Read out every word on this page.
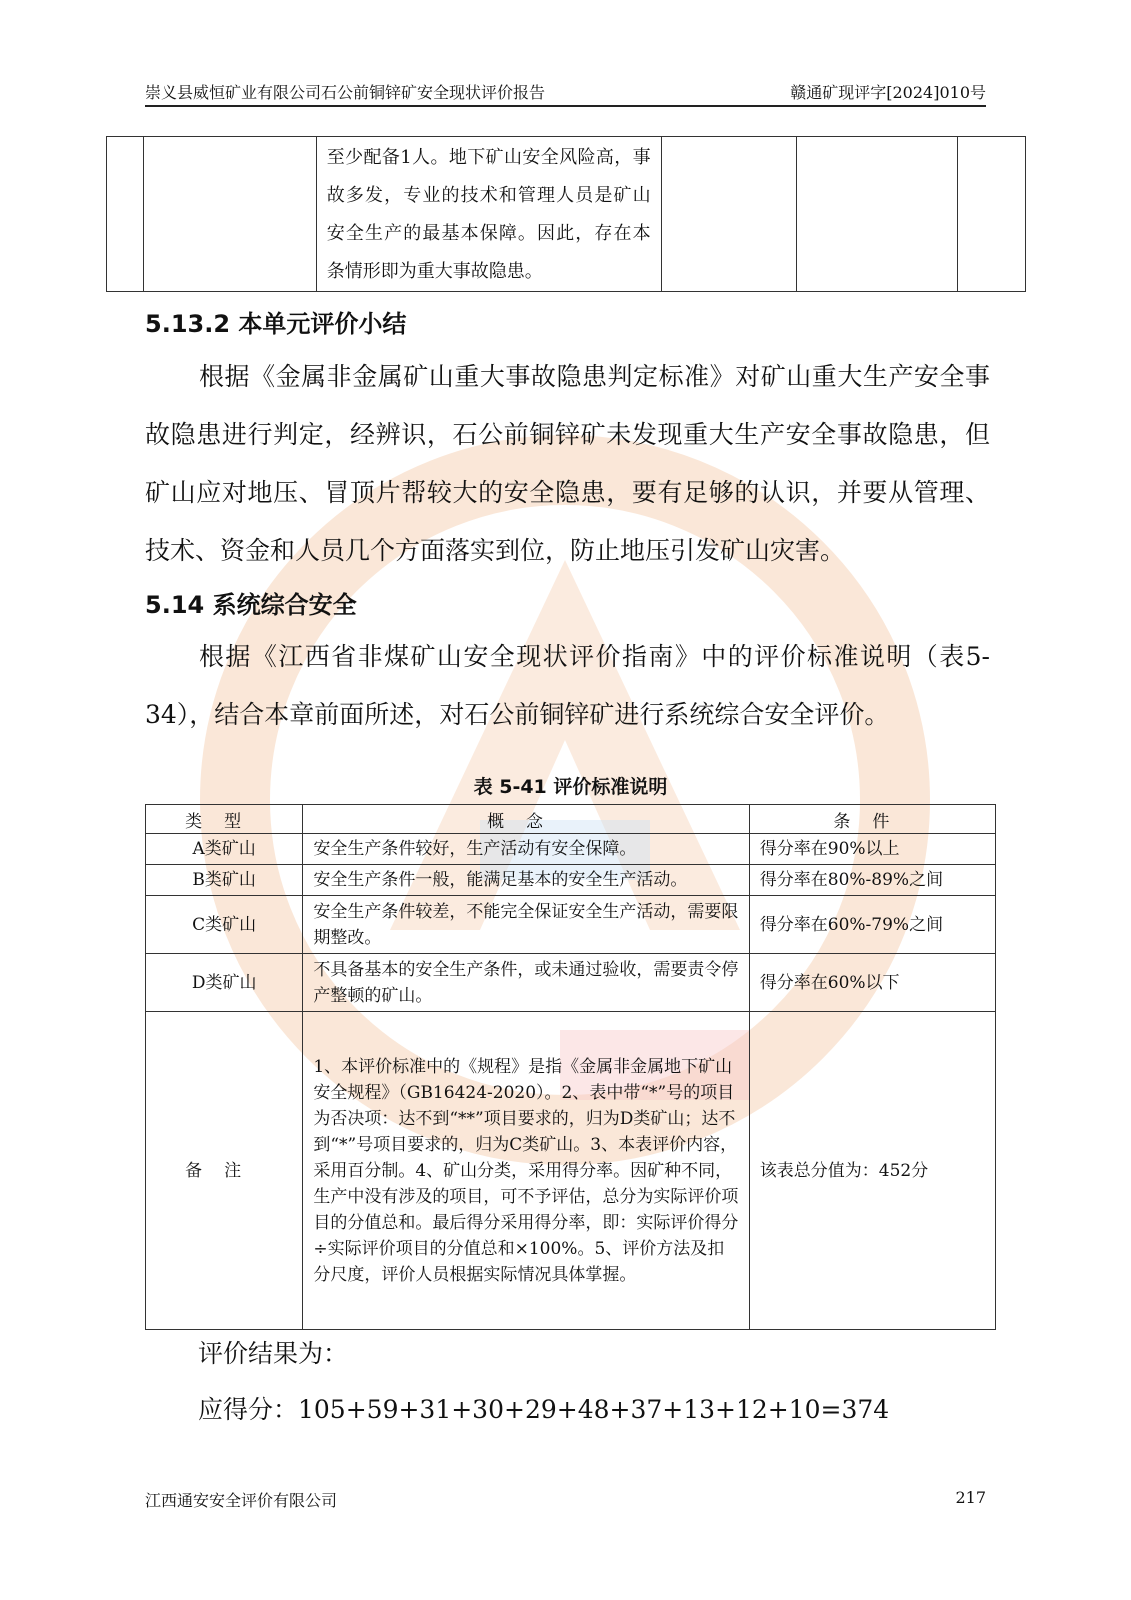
崇义县威恒矿业有限公司石公前铜锌矿安全现状评价报告	赣通矿现评字[2024]010号

至少配备1人。地下矿山安全风险高，事故多发，专业的技术和管理人员是矿山安全生产的最基本保障。因此，存在本条情形即为重大事故隐患。

5.13.2 本单元评价小结
根据《金属非金属矿山重大事故隐患判定标准》对矿山重大生产安全事故隐患进行判定，经辨识，石公前铜锌矿未发现重大生产安全事故隐患，但矿山应对地压、冒顶片帮较大的安全隐患，要有足够的认识，并要从管理、技术、资金和人员几个方面落实到位，防止地压引发矿山灾害。
5.14 系统综合安全
根据《江西省非煤矿山安全现状评价指南》中的评价标准说明（表5-34），结合本章前面所述，对石公前铜锌矿进行系统综合安全评价。
表 5-41 评价标准说明
类型	概念	条件
A类矿山	安全生产条件较好，生产活动有安全保障。	得分率在90%以上
B类矿山	安全生产条件一般，能满足基本的安全生产活动。	得分率在80%-89%之间
C类矿山	安全生产条件较差，不能完全保证安全生产活动，需要限期整改。	得分率在60%-79%之间
D类矿山	不具备基本的安全生产条件，或未通过验收，需要责令停产整顿的矿山。	得分率在60%以下
备注	1、本评价标准中的《规程》是指《金属非金属地下矿山安全规程》（GB16424-2020）。2、表中带“*”号的项目为否决项：达不到“**”项目要求的，归为D类矿山；达不到“*”号项目要求的，归为C类矿山。3、本表评价内容，采用百分制。4、矿山分类，采用得分率。因矿种不同，生产中没有涉及的项目，可不予评估，总分为实际评价项目的分值总和。最后得分采用得分率，即：实际评价得分÷实际评价项目的分值总和×100%。5、评价方法及扣分尺度，评价人员根据实际情况具体掌握。	该表总分值为：452分
评价结果为：
应得分：105+59+31+30+29+48+37+13+12+10=374
江西通安安全评价有限公司	217
